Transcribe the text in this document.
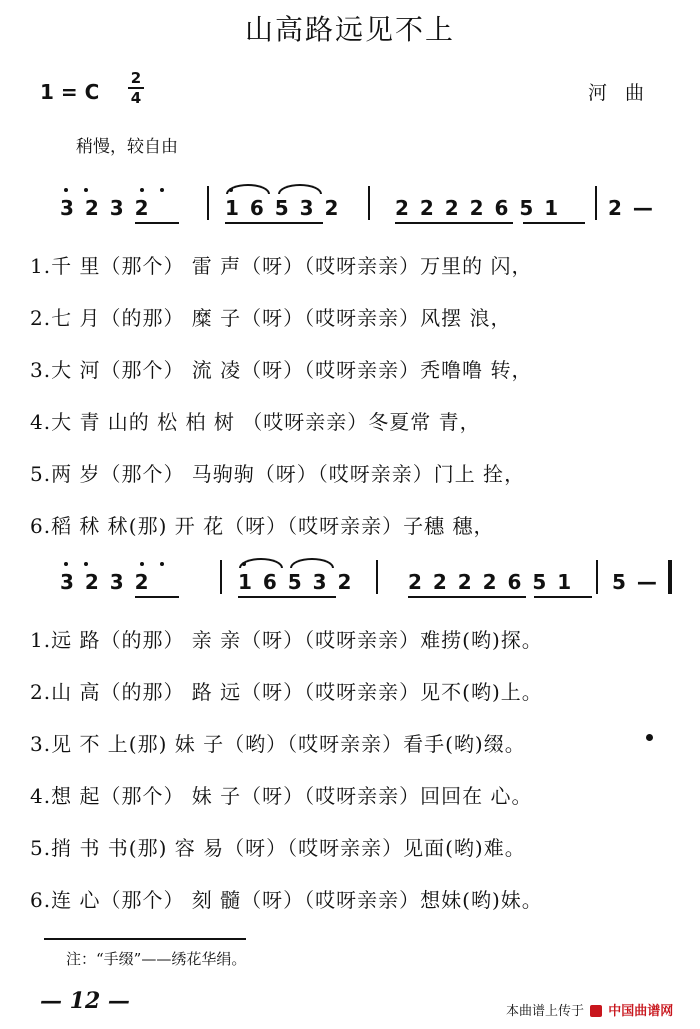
山高路远见不上
1 = C
2
4	河曲
稍慢，较自由
3 2 3 2	1 6 5 3 2	2 2 2 2 6 5 1 2 —
1.千 里（那个） 雷 声（呀）（哎呀亲亲）万里的 闪，
2.七 月（的那） 糜 子（呀）（哎呀亲亲）风摆 浪，
3.大 河（那个） 流 凌（呀）（哎呀亲亲）秃噜噜 转，
4.大 青 山的 松 柏 树 （哎呀亲亲）冬夏常 青，
5.两 岁（那个） 马驹驹（呀）（哎呀亲亲）门上 拴，
6.稻 秫 秫(那) 开 花（呀）（哎呀亲亲）子穗 穗，
3 2 3 2	1 6 5 3 2	2 2 2 2 6 5 1 5 —
1.远 路（的那） 亲 亲（呀）（哎呀亲亲）难捞(哟)探。
2.山 高（的那） 路 远（呀）（哎呀亲亲）见不(哟)上。
3.见 不 上(那) 妹 子（哟）（哎呀亲亲）看手(哟)缀。
4.想 起（那个） 妹 子（呀）（哎呀亲亲）回回在 心。
5.捎 书 书(那) 容 易（呀）（哎呀亲亲）见面(哟)难。
6.连 心（那个） 刻 髓（呀）（哎呀亲亲）想妹(哟)妹。
注：“手缀”——绣花华绢。
— 12 —	本曲谱上传于 中国曲谱网
